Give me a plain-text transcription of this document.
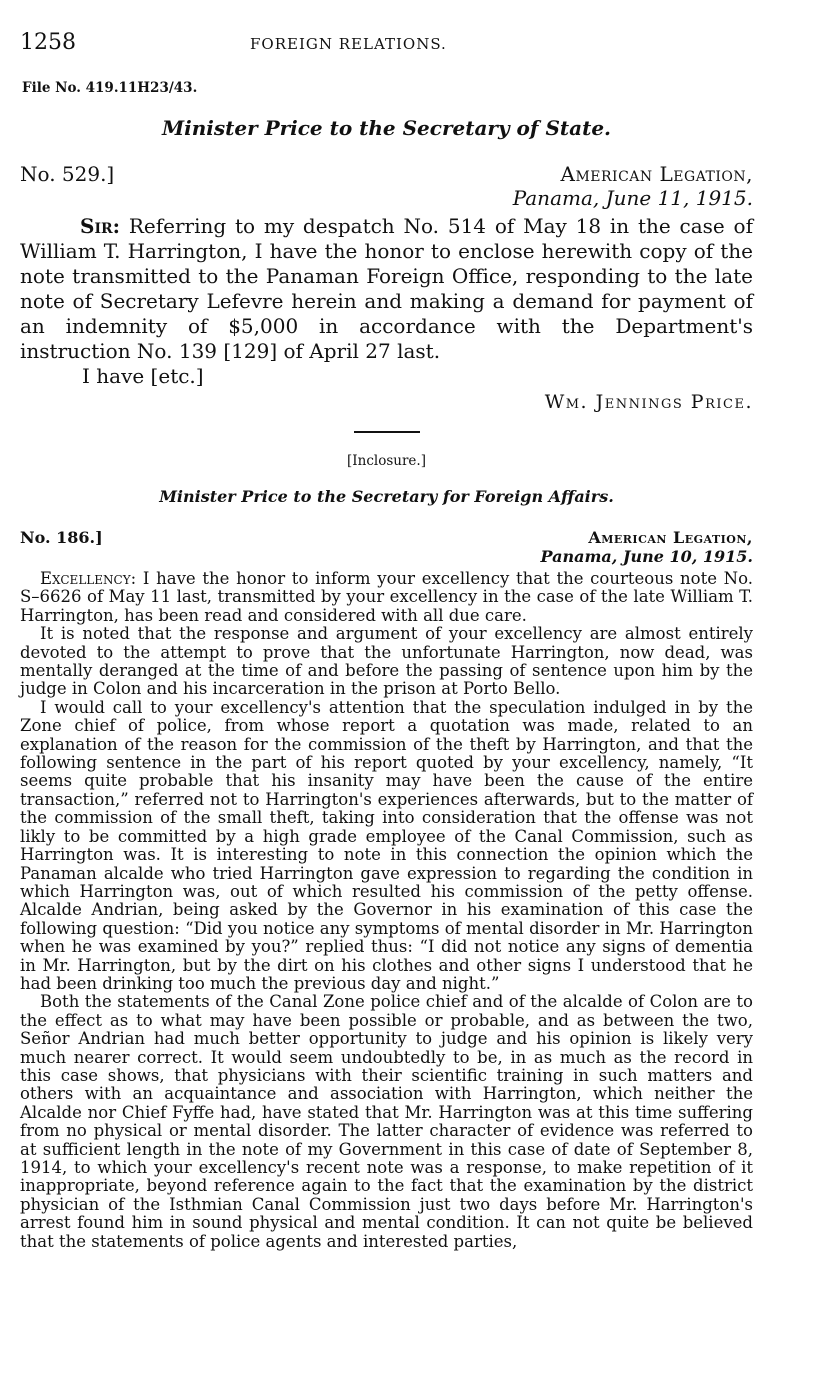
1258	FOREIGN RELATIONS.
File No. 419.11H23/43.
Minister Price to the Secretary of State.
No. 529.]	American Legation,
Panama, June 11, 1915.

Sir: Referring to my despatch No. 514 of May 18 in the case of William T. Harrington, I have the honor to enclose herewith copy of the note transmitted to the Panaman Foreign Office, responding to the late note of Secretary Lefevre herein and making a demand for payment of an indemnity of $5,000 in accordance with the Department's instruction No. 139 [129] of April 27 last.

I have [etc.]
Wm. Jennings Price.
[Inclosure.]
Minister Price to the Secretary for Foreign Affairs.
No. 186.]	American Legation,
Panama, June 10, 1915.

Excellency: I have the honor to inform your excellency that the courteous note No. S–6626 of May 11 last, transmitted by your excellency in the case of the late William T. Harrington, has been read and considered with all due care.

It is noted that the response and argument of your excellency are almost entirely devoted to the attempt to prove that the unfortunate Harrington, now dead, was mentally deranged at the time of and before the passing of sentence upon him by the judge in Colon and his incarceration in the prison at Porto Bello.

I would call to your excellency's attention that the speculation indulged in by the Zone chief of police, from whose report a quotation was made, related to an explanation of the reason for the commission of the theft by Harrington, and that the following sentence in the part of his report quoted by your excellency, namely, “It seems quite probable that his insanity may have been the cause of the entire transaction,” referred not to Harrington's experiences afterwards, but to the matter of the commission of the small theft, taking into consideration that the offense was not likly to be committed by a high grade employee of the Canal Commission, such as Harrington was. It is interesting to note in this connection the opinion which the Panaman alcalde who tried Harrington gave expression to regarding the condition in which Harrington was, out of which resulted his commission of the petty offense. Alcalde Andrian, being asked by the Governor in his examination of this case the following question: “Did you notice any symptoms of mental disorder in Mr. Harrington when he was examined by you?” replied thus: “I did not notice any signs of dementia in Mr. Harrington, but by the dirt on his clothes and other signs I understood that he had been drinking too much the previous day and night.”

Both the statements of the Canal Zone police chief and of the alcalde of Colon are to the effect as to what may have been possible or probable, and as between the two, Señor Andrian had much better opportunity to judge and his opinion is likely very much nearer correct. It would seem undoubtedly to be, in as much as the record in this case shows, that physicians with their scientific training in such matters and others with an acquaintance and association with Harrington, which neither the Alcalde nor Chief Fyffe had, have stated that Mr. Harrington was at this time suffering from no physical or mental disorder. The latter character of evidence was referred to at sufficient length in the note of my Government in this case of date of September 8, 1914, to which your excellency's recent note was a response, to make repetition of it inappropriate, beyond reference again to the fact that the examination by the district physician of the Isthmian Canal Commission just two days before Mr. Harrington's arrest found him in sound physical and mental condition. It can not quite be believed that the statements of police agents and interested parties,
